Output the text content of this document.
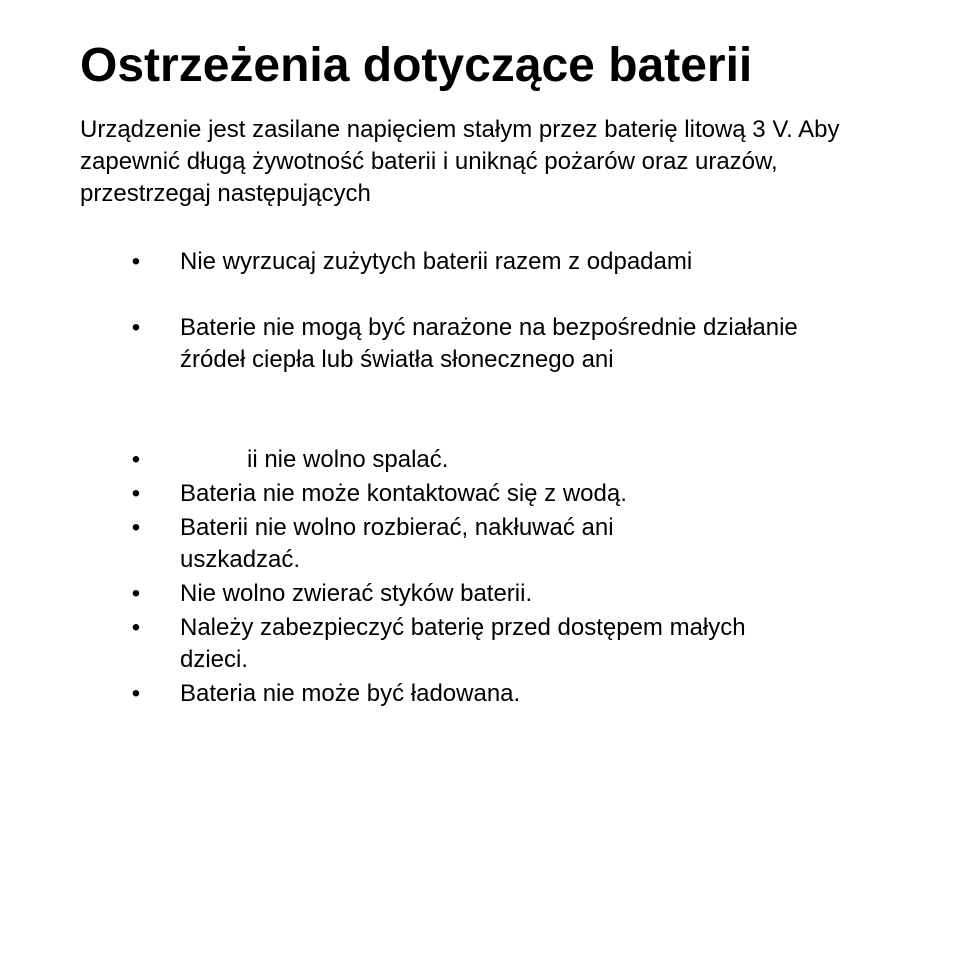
Ostrzeżenia dotyczące baterii

Urządzenie jest zasilane napięciem stałym przez baterię litową 3 V. Aby zapewnić długą żywotność baterii i uniknąć pożarów oraz urazów, przestrzegaj następujących

• Nie wyrzucaj zużytych baterii razem z odpadami
• Baterie nie mogą być narażone na bezpośrednie działanie źródeł ciepła lub światła słonecznego ani
•	ii nie wolno spalać.
• Bateria nie może kontaktować się z wodą.
• Baterii nie wolno rozbierać, nakłuwać ani uszkadzać.
• Nie wolno zwierać styków baterii.
• Należy zabezpieczyć baterię przed dostępem małych dzieci.
• Bateria nie może być ładowana.
